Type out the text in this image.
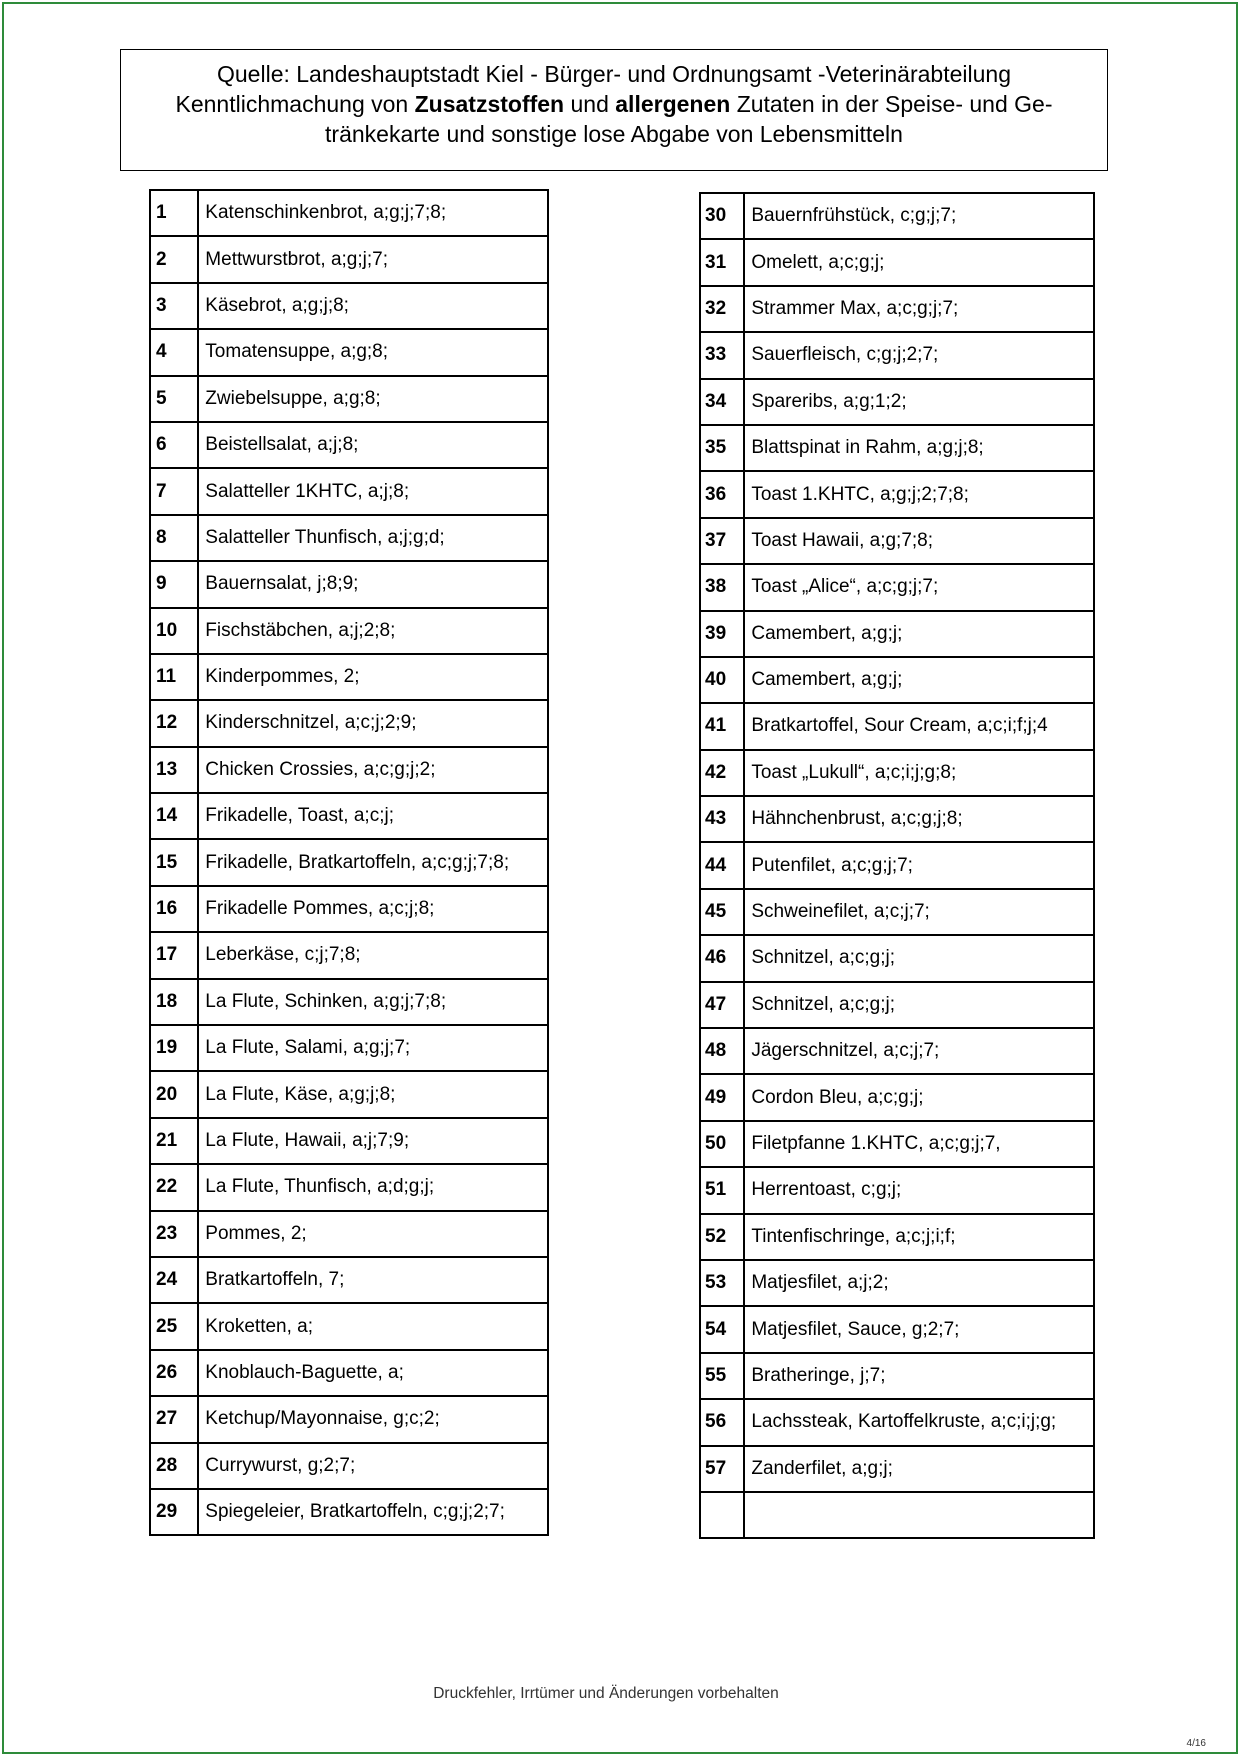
Quelle: Landeshauptstadt Kiel - Bürger- und Ordnungsamt -Veterinärabteilung
Kenntlichmachung von Zusatzstoffen und allergenen Zutaten in der Speise- und Ge-
tränkekarte und sonstige lose Abgabe von Lebensmitteln
1	Katenschinkenbrot, a;g;j;7;8;
2	Mettwurstbrot, a;g;j;7;
3	Käsebrot, a;g;j;8;
4	Tomatensuppe, a;g;8;
5	Zwiebelsuppe, a;g;8;
6	Beistellsalat, a;j;8;
7	Salatteller 1KHTC, a;j;8;
8	Salatteller Thunfisch, a;j;g;d;
9	Bauernsalat, j;8;9;
10	Fischstäbchen, a;j;2;8;
11	Kinderpommes, 2;
12	Kinderschnitzel, a;c;j;2;9;
13	Chicken Crossies, a;c;g;j;2;
14	Frikadelle, Toast, a;c;j;
15	Frikadelle, Bratkartoffeln, a;c;g;j;7;8;
16	Frikadelle Pommes, a;c;j;8;
17	Leberkäse, c;j;7;8;
18	La Flute, Schinken, a;g;j;7;8;
19	La Flute, Salami, a;g;j;7;
20	La Flute, Käse, a;g;j;8;
21	La Flute, Hawaii, a;j;7;9;
22	La Flute, Thunfisch, a;d;g;j;
23	Pommes, 2;
24	Bratkartoffeln, 7;
25	Kroketten, a;
26	Knoblauch-Baguette, a;
27	Ketchup/Mayonnaise, g;c;2;
28	Currywurst, g;2;7;
29	Spiegeleier, Bratkartoffeln, c;g;j;2;7;
30	Bauernfrühstück, c;g;j;7;
31	Omelett, a;c;g;j;
32	Strammer Max, a;c;g;j;7;
33	Sauerfleisch, c;g;j;2;7;
34	Spareribs, a;g;1;2;
35	Blattspinat in Rahm, a;g;j;8;
36	Toast 1.KHTC, a;g;j;2;7;8;
37	Toast Hawaii, a;g;7;8;
38	Toast „Alice“, a;c;g;j;7;
39	Camembert, a;g;j;
40	Camembert, a;g;j;
41	Bratkartoffel, Sour Cream, a;c;i;f;j;4
42	Toast „Lukull“, a;c;i;j;g;8;
43	Hähnchenbrust, a;c;g;j;8;
44	Putenfilet, a;c;g;j;7;
45	Schweinefilet, a;c;j;7;
46	Schnitzel, a;c;g;j;
47	Schnitzel, a;c;g;j;
48	Jägerschnitzel, a;c;j;7;
49	Cordon Bleu, a;c;g;j;
50	Filetpfanne 1.KHTC, a;c;g;j;7,
51	Herrentoast, c;g;j;
52	Tintenfischringe, a;c;j;i;f;
53	Matjesfilet, a;j;2;
54	Matjesfilet, Sauce, g;2;7;
55	Bratheringe, j;7;
56	Lachssteak, Kartoffelkruste, a;c;i;j;g;
57	Zanderfilet, a;g;j;

Druckfehler, Irrtümer und Änderungen vorbehalten
4/16
